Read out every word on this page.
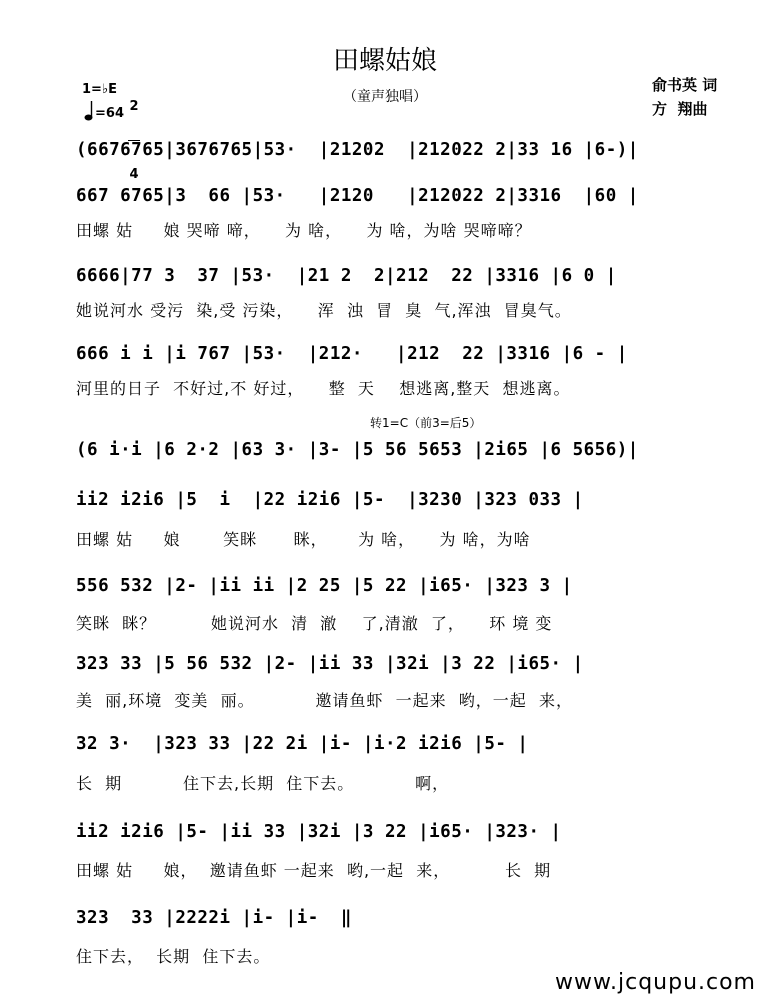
田螺姑娘
（童声独唱）
俞书英 词
方  翔曲
1=♭E

2

4

=64
(6676765|3676765|53·  |21202  |212022 2|33 16 |6-)|
667 6765|3  66 |53·   |2120   |212022 2|3316  |60 |
田螺 姑     娘 哭啼 啼，    为 啥，    为 啥，为啥 哭啼啼？
6666|77 3  37 |53·  |21 2  2|212  22 |3316 |6 0 |
她说河水 受污  染,受 污染，    浑  浊  冒  臭  气,浑浊  冒臭气。
666 i i |i 767 |53·  |212·   |212  22 |3316 |6 - |
河里的日子  不好过,不 好过，    整  天    想逃离,整天  想逃离。
转1=C（前3=后5）
(6 i·i |6 2·2 |63 3· |3- |5 56 5653 |2i65 |6 5656)|
ii2 i2i6 |5  i  |22 i2i6 |5-  |3230 |323 033 |
田螺 姑     娘       笑眯      眯，     为 啥，    为 啥，为啥
556 532 |2- |ii ii |2 25 |5 22 |i65· |323 3 |
笑眯  眯？         她说河水  清  澈    了,清澈  了，    环 境 变
323 33 |5 56 532 |2- |ii 33 |32i |3 22 |i65· |
美  丽,环境  变美  丽。          邀请鱼虾  一起来  哟，一起  来，
32 3·  |323 33 |22 2i |i- |i·2 i2i6 |5- |
长  期          住下去,长期  住下去。          啊，
ii2 i2i6 |5- |ii 33 |32i |3 22 |i65· |323· |
田螺 姑     娘，  邀请鱼虾 一起来  哟,一起  来，         长  期
323  33 |2222i |i- |i-  ‖
住下去，  长期  住下去。
www.jcqupu.com
